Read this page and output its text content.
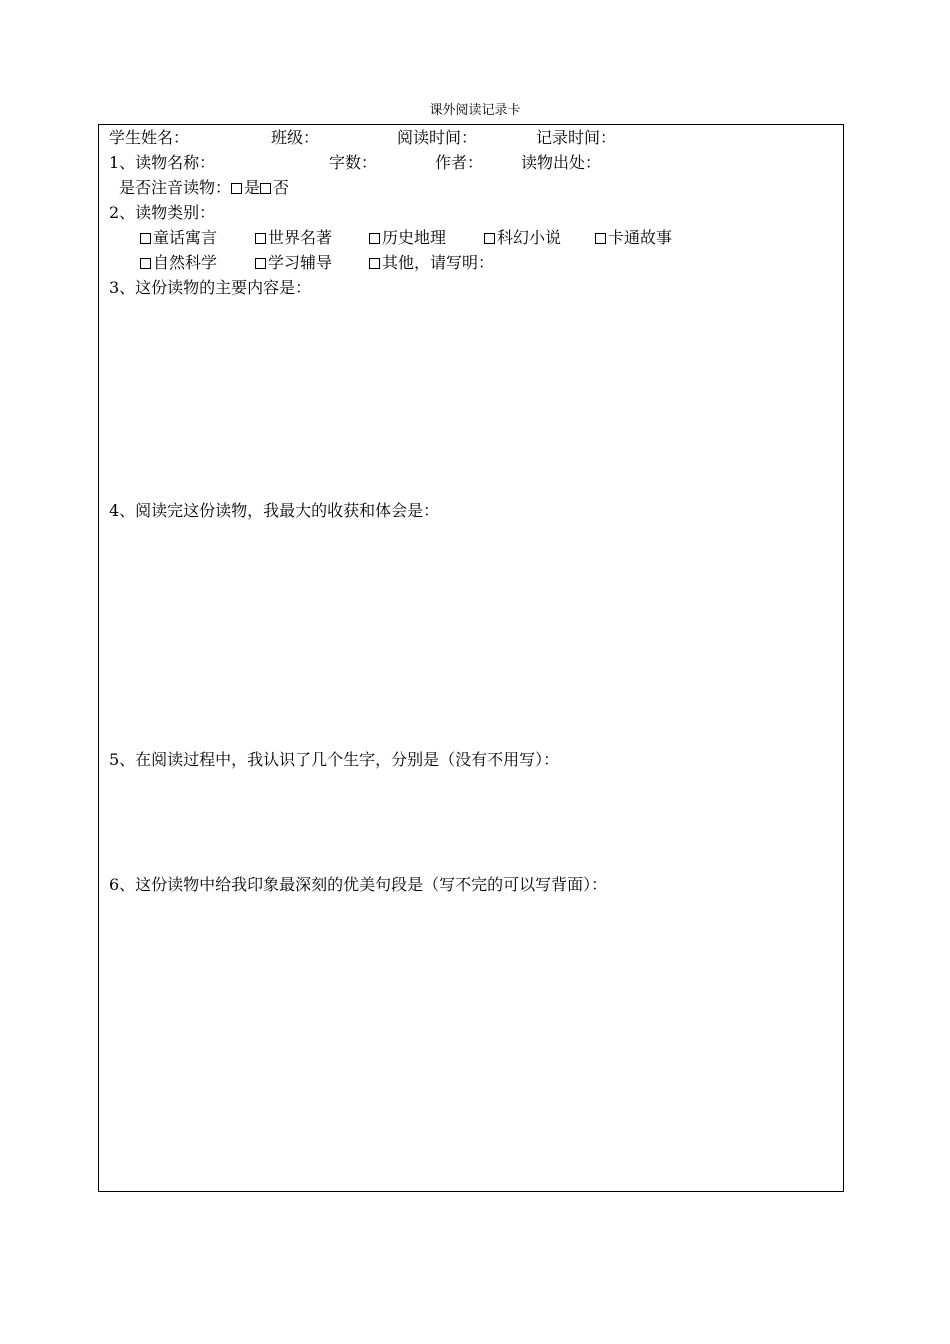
课外阅读记录卡
学生姓名：	班级：	阅读时间：	记录时间：
1、读物名称：	字数：	作者： 读物出处：
是否注音读物： 是 否
2、读物类别：
童话寓言	世界名著	历史地理	科幻小说	卡通故事
自然科学	学习辅导	其他，请写明：
3、这份读物的主要内容是：
4、阅读完这份读物，我最大的收获和体会是：
5、在阅读过程中，我认识了几个生字，分别是（没有不用写）：
6、这份读物中给我印象最深刻的优美句段是（写不完的可以写背面）：
